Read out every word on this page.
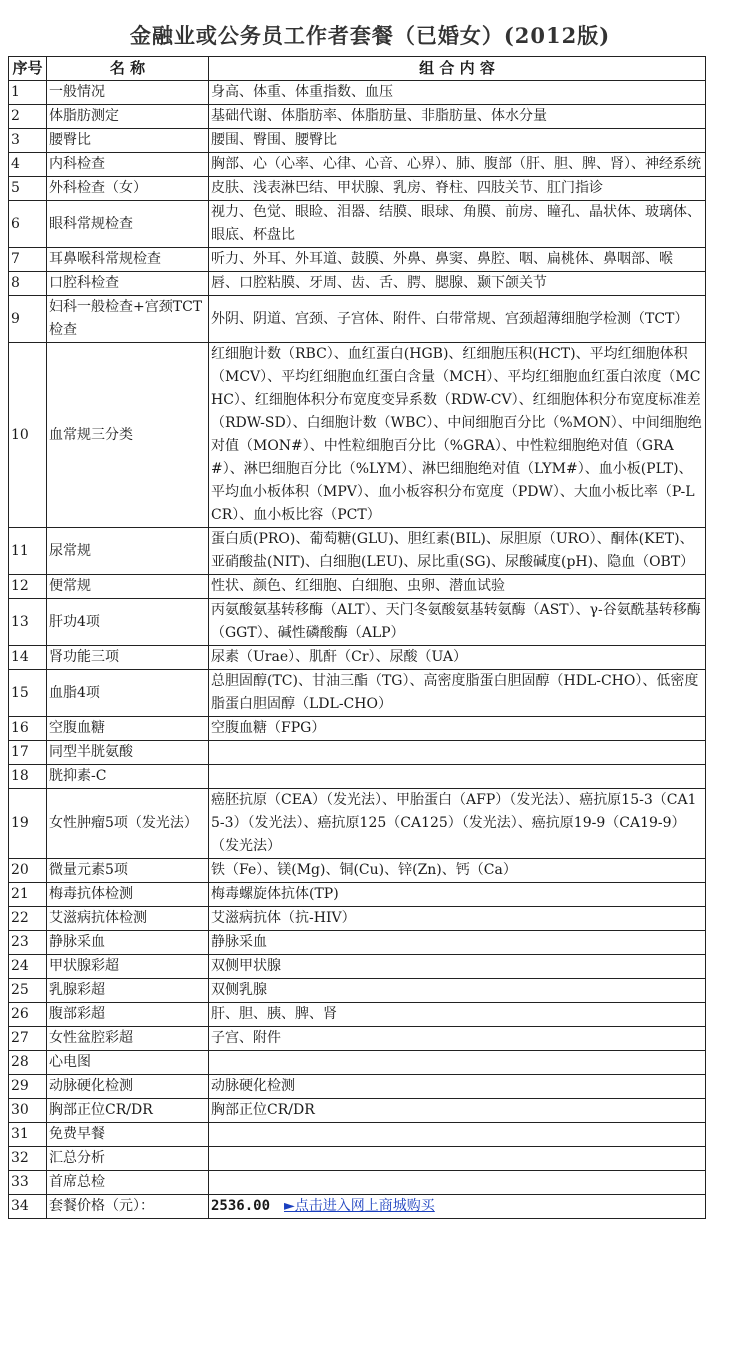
金融业或公务员工作者套餐（已婚女）(2012版)
序号	名 称	组 合 内 容
1	一般情况	身高、体重、体重指数、血压
2	体脂肪测定	基础代谢、体脂肪率、体脂肪量、非脂肪量、体水分量
3	腰臀比	腰围、臀围、腰臀比
4	内科检查	胸部、心（心率、心律、心音、心界）、肺、腹部（肝、胆、脾、肾）、神经系统
5	外科检查（女）	皮肤、浅表淋巴结、甲状腺、乳房、脊柱、四肢关节、肛门指诊
6	眼科常规检查	视力、色觉、眼睑、泪器、结膜、眼球、角膜、前房、瞳孔、晶状体、玻璃体、眼底、杯盘比
7	耳鼻喉科常规检查	听力、外耳、外耳道、鼓膜、外鼻、鼻窦、鼻腔、咽、扁桃体、鼻咽部、喉
8	口腔科检查	唇、口腔粘膜、牙周、齿、舌、腭、腮腺、颞下颌关节
9	妇科一般检查+宫颈TCT检查	外阴、阴道、宫颈、子宫体、附件、白带常规、宫颈超薄细胞学检测（TCT）
10	血常规三分类	红细胞计数（RBC）、血红蛋白(HGB)、红细胞压积(HCT)、平均红细胞体积（MCV）、平均红细胞血红蛋白含量（MCH）、平均红细胞血红蛋白浓度（MCHC）、红细胞体积分布宽度变异系数（RDW-CV）、红细胞体积分布宽度标准差（RDW-SD）、白细胞计数（WBC）、中间细胞百分比（%MON）、中间细胞绝对值（MON#）、中性粒细胞百分比（%GRA）、中性粒细胞绝对值（GRA#）、淋巴细胞百分比（%LYM）、淋巴细胞绝对值（LYM#）、血小板(PLT)、平均血小板体积（MPV）、血小板容积分布宽度（PDW）、大血小板比率（P-LCR）、血小板比容（PCT）
11	尿常规	蛋白质(PRO)、葡萄糖(GLU)、胆红素(BIL)、尿胆原（URO）、酮体(KET)、亚硝酸盐(NIT)、白细胞(LEU)、尿比重(SG)、尿酸碱度(pH)、隐血（OBT）
12	便常规	性状、颜色、红细胞、白细胞、虫卵、潜血试验
13	肝功4项	丙氨酸氨基转移酶（ALT）、天门冬氨酸氨基转氨酶（AST）、γ-谷氨酰基转移酶（GGT）、碱性磷酸酶（ALP）
14	肾功能三项	尿素（Urae）、肌酐（Cr）、尿酸（UA）
15	血脂4项	总胆固醇(TC)、甘油三酯（TG）、高密度脂蛋白胆固醇（HDL-CHO）、低密度脂蛋白胆固醇（LDL-CHO）
16	空腹血糖	空腹血糖（FPG）
17	同型半胱氨酸	
18	胱抑素-C	
19	女性肿瘤5项（发光法）	癌胚抗原（CEA）（发光法）、甲胎蛋白（AFP）（发光法）、癌抗原15-3（CA15-3）（发光法）、癌抗原125（CA125）（发光法）、癌抗原19-9（CA19-9）（发光法）
20	微量元素5项	铁（Fe）、镁(Mg)、铜(Cu)、锌(Zn)、钙（Ca）
21	梅毒抗体检测	梅毒螺旋体抗体(TP)
22	艾滋病抗体检测	艾滋病抗体（抗-HIV）
23	静脉采血	静脉采血
24	甲状腺彩超	双侧甲状腺
25	乳腺彩超	双侧乳腺
26	腹部彩超	肝、胆、胰、脾、肾
27	女性盆腔彩超	子宫、附件
28	心电图	
29	动脉硬化检测	动脉硬化检测
30	胸部正位CR/DR	胸部正位CR/DR
31	免费早餐	
32	汇总分析	
33	首席总检	
34	套餐价格（元）：	2536.00 ►点击进入网上商城购买
